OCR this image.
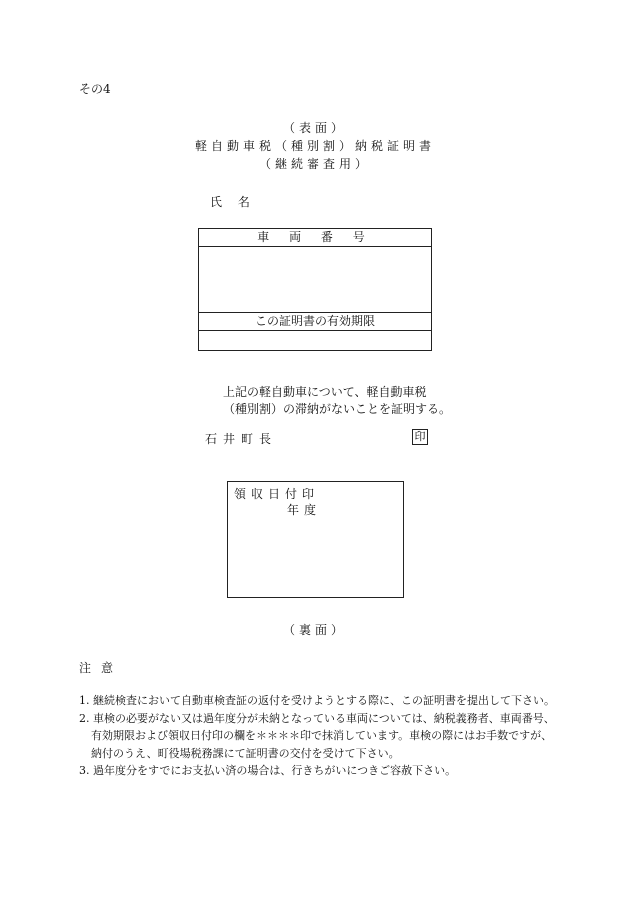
その4
（表面）
軽自動車税（種別割）納税証明書
（継続審査用）
氏 名
車 両 番 号
この証明書の有効期限
上記の軽自動車について、軽自動車税
（種別割）の滞納がないことを証明する。
石井町長	印
領収日付印
年度
（裏面）
注意
1. 継続検査において自動車検査証の返付を受けようとする際に、この証明書を提出して下さい。
2. 車検の必要がない又は過年度分が未納となっている車両については、納税義務者、車両番号、有効期限および領収日付印の欄を＊＊＊＊印で抹消しています。車検の際にはお手数ですが、納付のうえ、町役場税務課にて証明書の交付を受けて下さい。
3. 過年度分をすでにお支払い済の場合は、行きちがいにつきご容赦下さい。
